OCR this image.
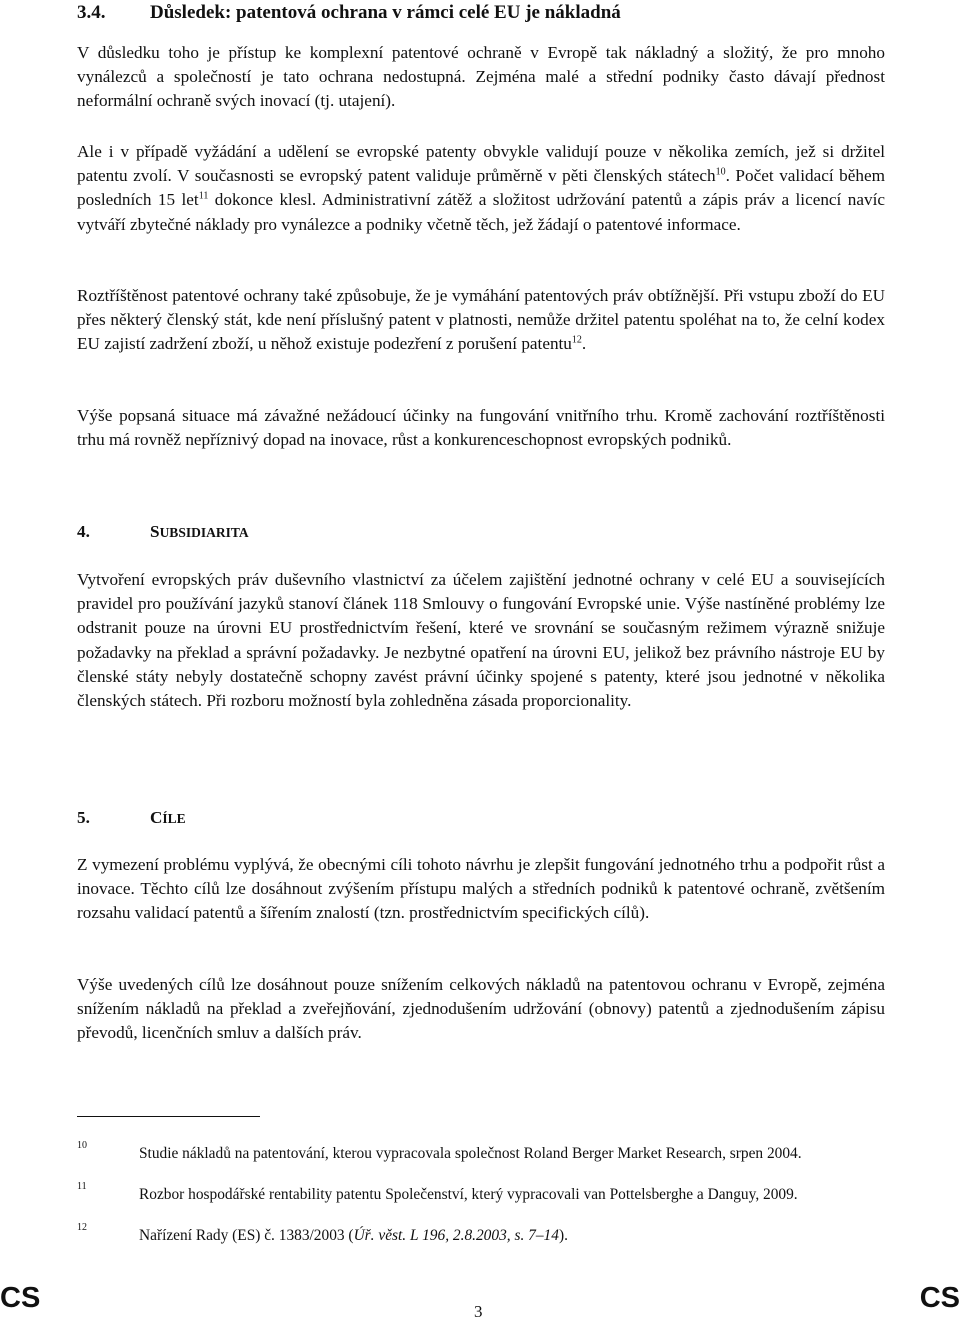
3.4. Důsledek: patentová ochrana v rámci celé EU je nákladná

V důsledku toho je přístup ke komplexní patentové ochraně v Evropě tak nákladný a složitý, že pro mnoho vynálezců a společností je tato ochrana nedostupná. Zejména malé a střední podniky často dávají přednost neformální ochraně svých inovací (tj. utajení).

Ale i v případě vyžádání a udělení se evropské patenty obvykle validují pouze v několika zemích, jež si držitel patentu zvolí. V současnosti se evropský patent validuje průměrně v pěti členských státech$^{10}$. Počet validací během posledních 15 let$^{11}$ dokonce klesl. Administrativní zátěž a složitost udržování patentů a zápis práv a licencí navíc vytváří zbytečné náklady pro vynálezce a podniky včetně těch, jež žádají o patentové informace.

Roztříštěnost patentové ochrany také způsobuje, že je vymáhání patentových práv obtížnější. Při vstupu zboží do EU přes některý členský stát, kde není příslušný patent v platnosti, nemůže držitel patentu spoléhat na to, že celní kodex EU zajistí zadržení zboží, u něhož existuje podezření z porušení patentu$^{12}$.

Výše popsaná situace má závažné nežádoucí účinky na fungování vnitřního trhu. Kromě zachování roztříštěnosti trhu má rovněž nepříznivý dopad na inovace, růst a konkurenceschopnost evropských podniků.

4.	SUBSIDIARITA

Vytvoření evropských práv duševního vlastnictví za účelem zajištění jednotné ochrany v celé EU a souvisejících pravidel pro používání jazyků stanoví článek 118 Smlouvy o fungování Evropské unie. Výše nastíněné problémy lze odstranit pouze na úrovni EU prostřednictvím řešení, které ve srovnání se současným režimem výrazně snižuje požadavky na překlad a správní požadavky. Je nezbytné opatření na úrovni EU, jelikož bez právního nástroje EU by členské státy nebyly dostatečně schopny zavést právní účinky spojené s patenty, které jsou jednotné v několika členských státech. Při rozboru možností byla zohledněna zásada proporcionality.

5.	CÍLE

Z vymezení problému vyplývá, že obecnými cíli tohoto návrhu je zlepšit fungování jednotného trhu a podpořit růst a inovace. Těchto cílů lze dosáhnout zvýšením přístupu malých a středních podniků k patentové ochraně, zvětšením rozsahu validací patentů a šířením znalostí (tzn. prostřednictvím specifických cílů).

Výše uvedených cílů lze dosáhnout pouze snížením celkových nákladů na patentovou ochranu v Evropě, zejména snížením nákladů na překlad a zveřejňování, zjednodušením udržování (obnovy) patentů a zjednodušením zápisu převodů, licenčních smluv a dalších práv.

10	Studie nákladů na patentování, kterou vypracovala společnost Roland Berger Market Research, srpen 2004.
11	Rozbor hospodářské rentability patentu Společenství, který vypracovali van Pottelsberghe a Danguy, 2009.
12	Nařízení Rady (ES) č. 1383/2003 (Úř. věst. L 196, 2.8.2003, s. 7–14).
CS	3	CS
